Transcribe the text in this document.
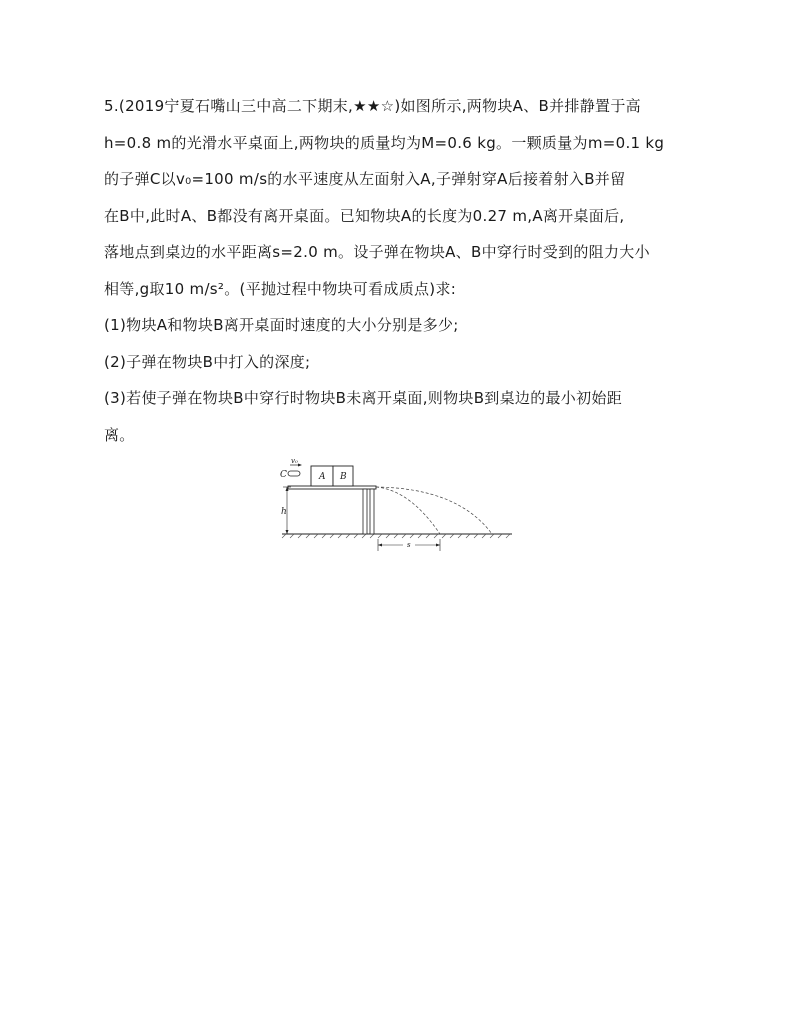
5.(2019宁夏石嘴山三中高二下期末,★★☆)如图所示,两物块A、B并排静置于高
h=0.8 m的光滑水平桌面上,两物块的质量均为M=0.6 kg。一颗质量为m=0.1 kg
的子弹C以v₀=100 m/s的水平速度从左面射入A,子弹射穿A后接着射入B并留
在B中,此时A、B都没有离开桌面。已知物块A的长度为0.27 m,A离开桌面后,
落地点到桌边的水平距离s=2.0 m。设子弹在物块A、B中穿行时受到的阻力大小
相等,g取10 m/s²。(平抛过程中物块可看成质点)求:
(1)物块A和物块B离开桌面时速度的大小分别是多少;
(2)子弹在物块B中打入的深度;
(3)若使子弹在物块B中穿行时物块B未离开桌面,则物块B到桌边的最小初始距
离。
h
C
v₀
A B
s
